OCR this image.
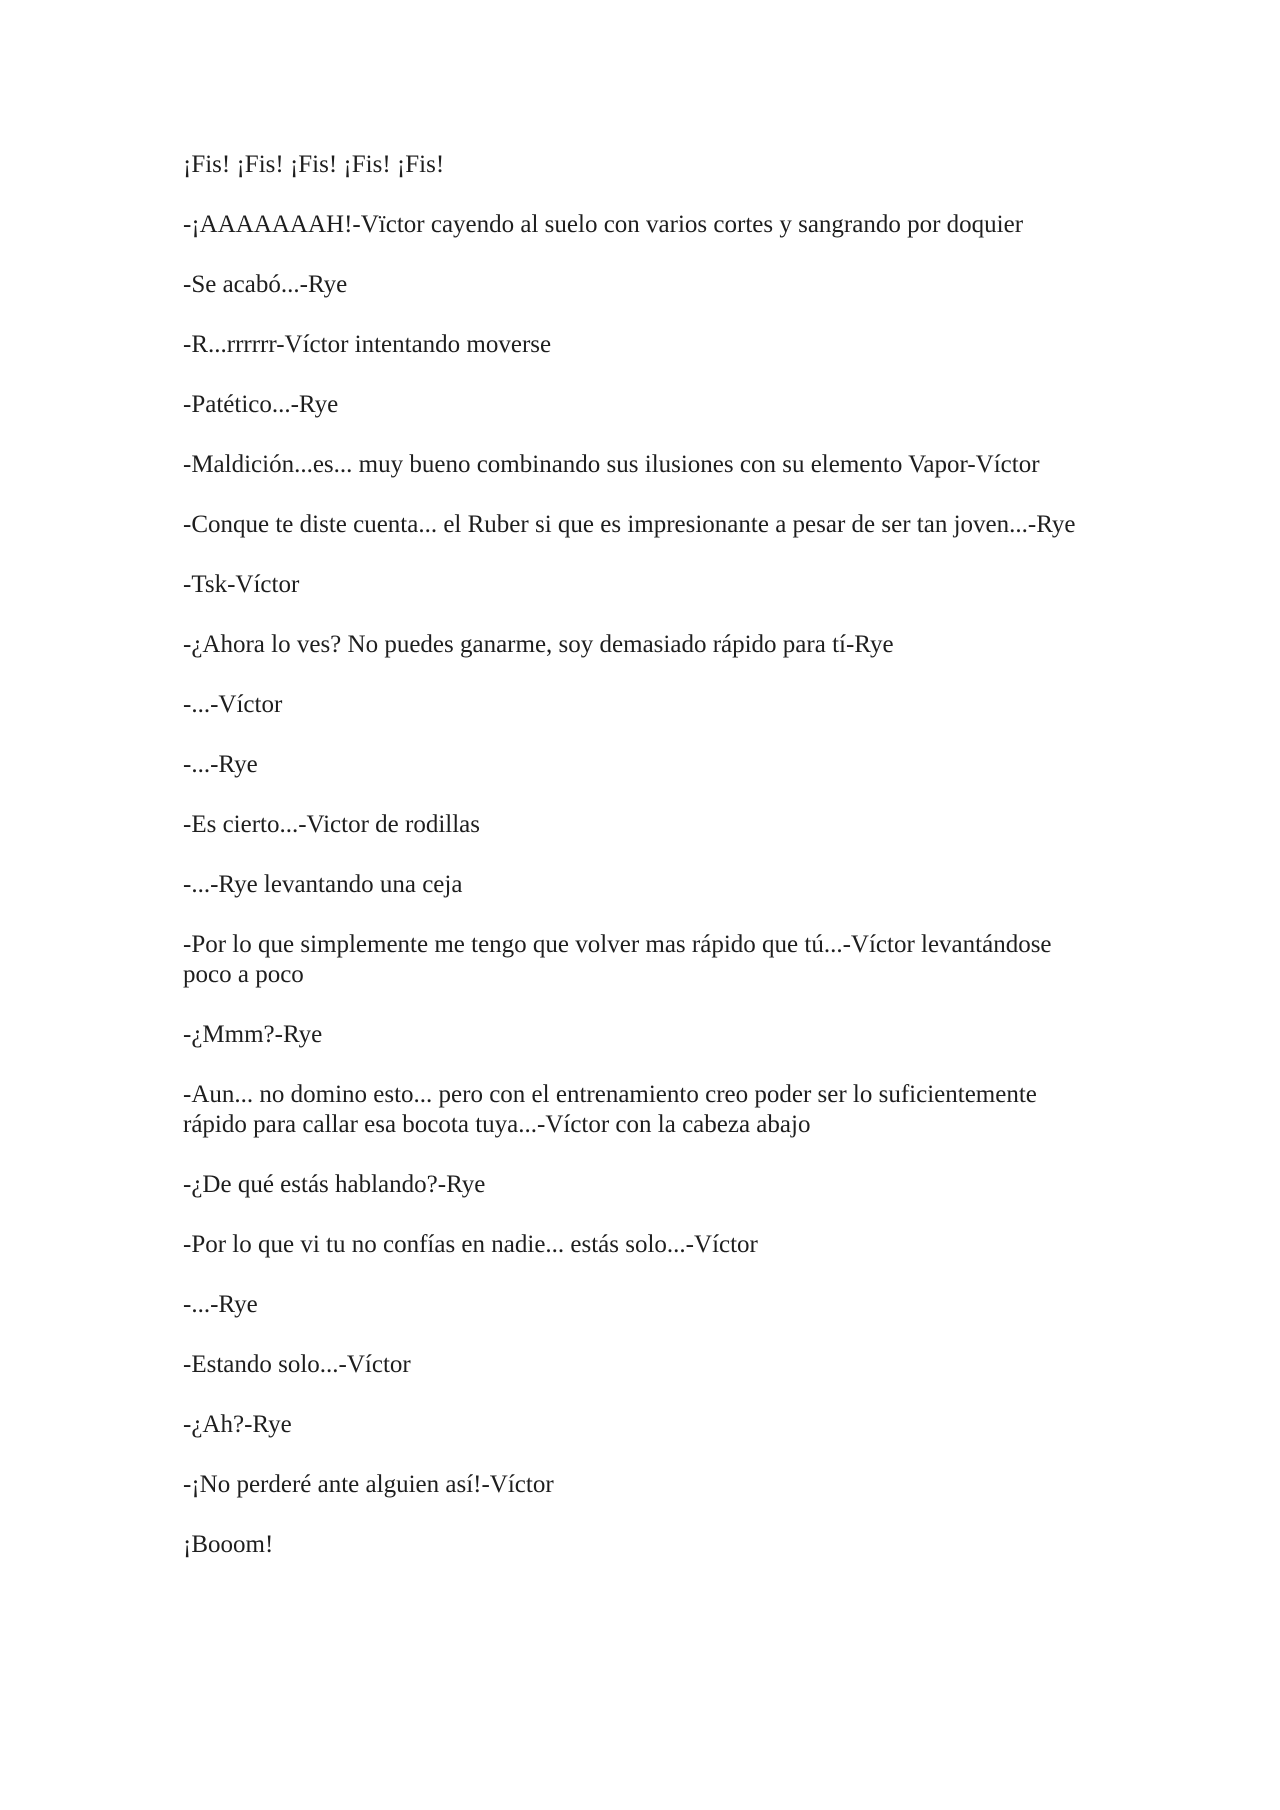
¡Fis! ¡Fis! ¡Fis! ¡Fis! ¡Fis!

-¡AAAAAAAH!-Vïctor cayendo al suelo con varios cortes y sangrando por doquier

-Se acabó...-Rye

-R...rrrrrr-Víctor intentando moverse

-Patético...-Rye

-Maldición...es... muy bueno combinando sus ilusiones con su elemento Vapor-Víctor

-Conque te diste cuenta... el Ruber si que es impresionante a pesar de ser tan joven...-Rye

-Tsk-Víctor

-¿Ahora lo ves? No puedes ganarme, soy demasiado rápido para tí-Rye

-...-Víctor

-...-Rye

-Es cierto...-Victor de rodillas

-...-Rye levantando una ceja

-Por lo que simplemente me tengo que volver mas rápido que tú...-Víctor levantándose poco a poco

-¿Mmm?-Rye

-Aun... no domino esto... pero con el entrenamiento creo poder ser lo suficientemente rápido para callar esa bocota tuya...-Víctor con la cabeza abajo

-¿De qué estás hablando?-Rye

-Por lo que vi tu no confías en nadie... estás solo...-Víctor

-...-Rye

-Estando solo...-Víctor

-¿Ah?-Rye

-¡No perderé ante alguien así!-Víctor

¡Booom!
